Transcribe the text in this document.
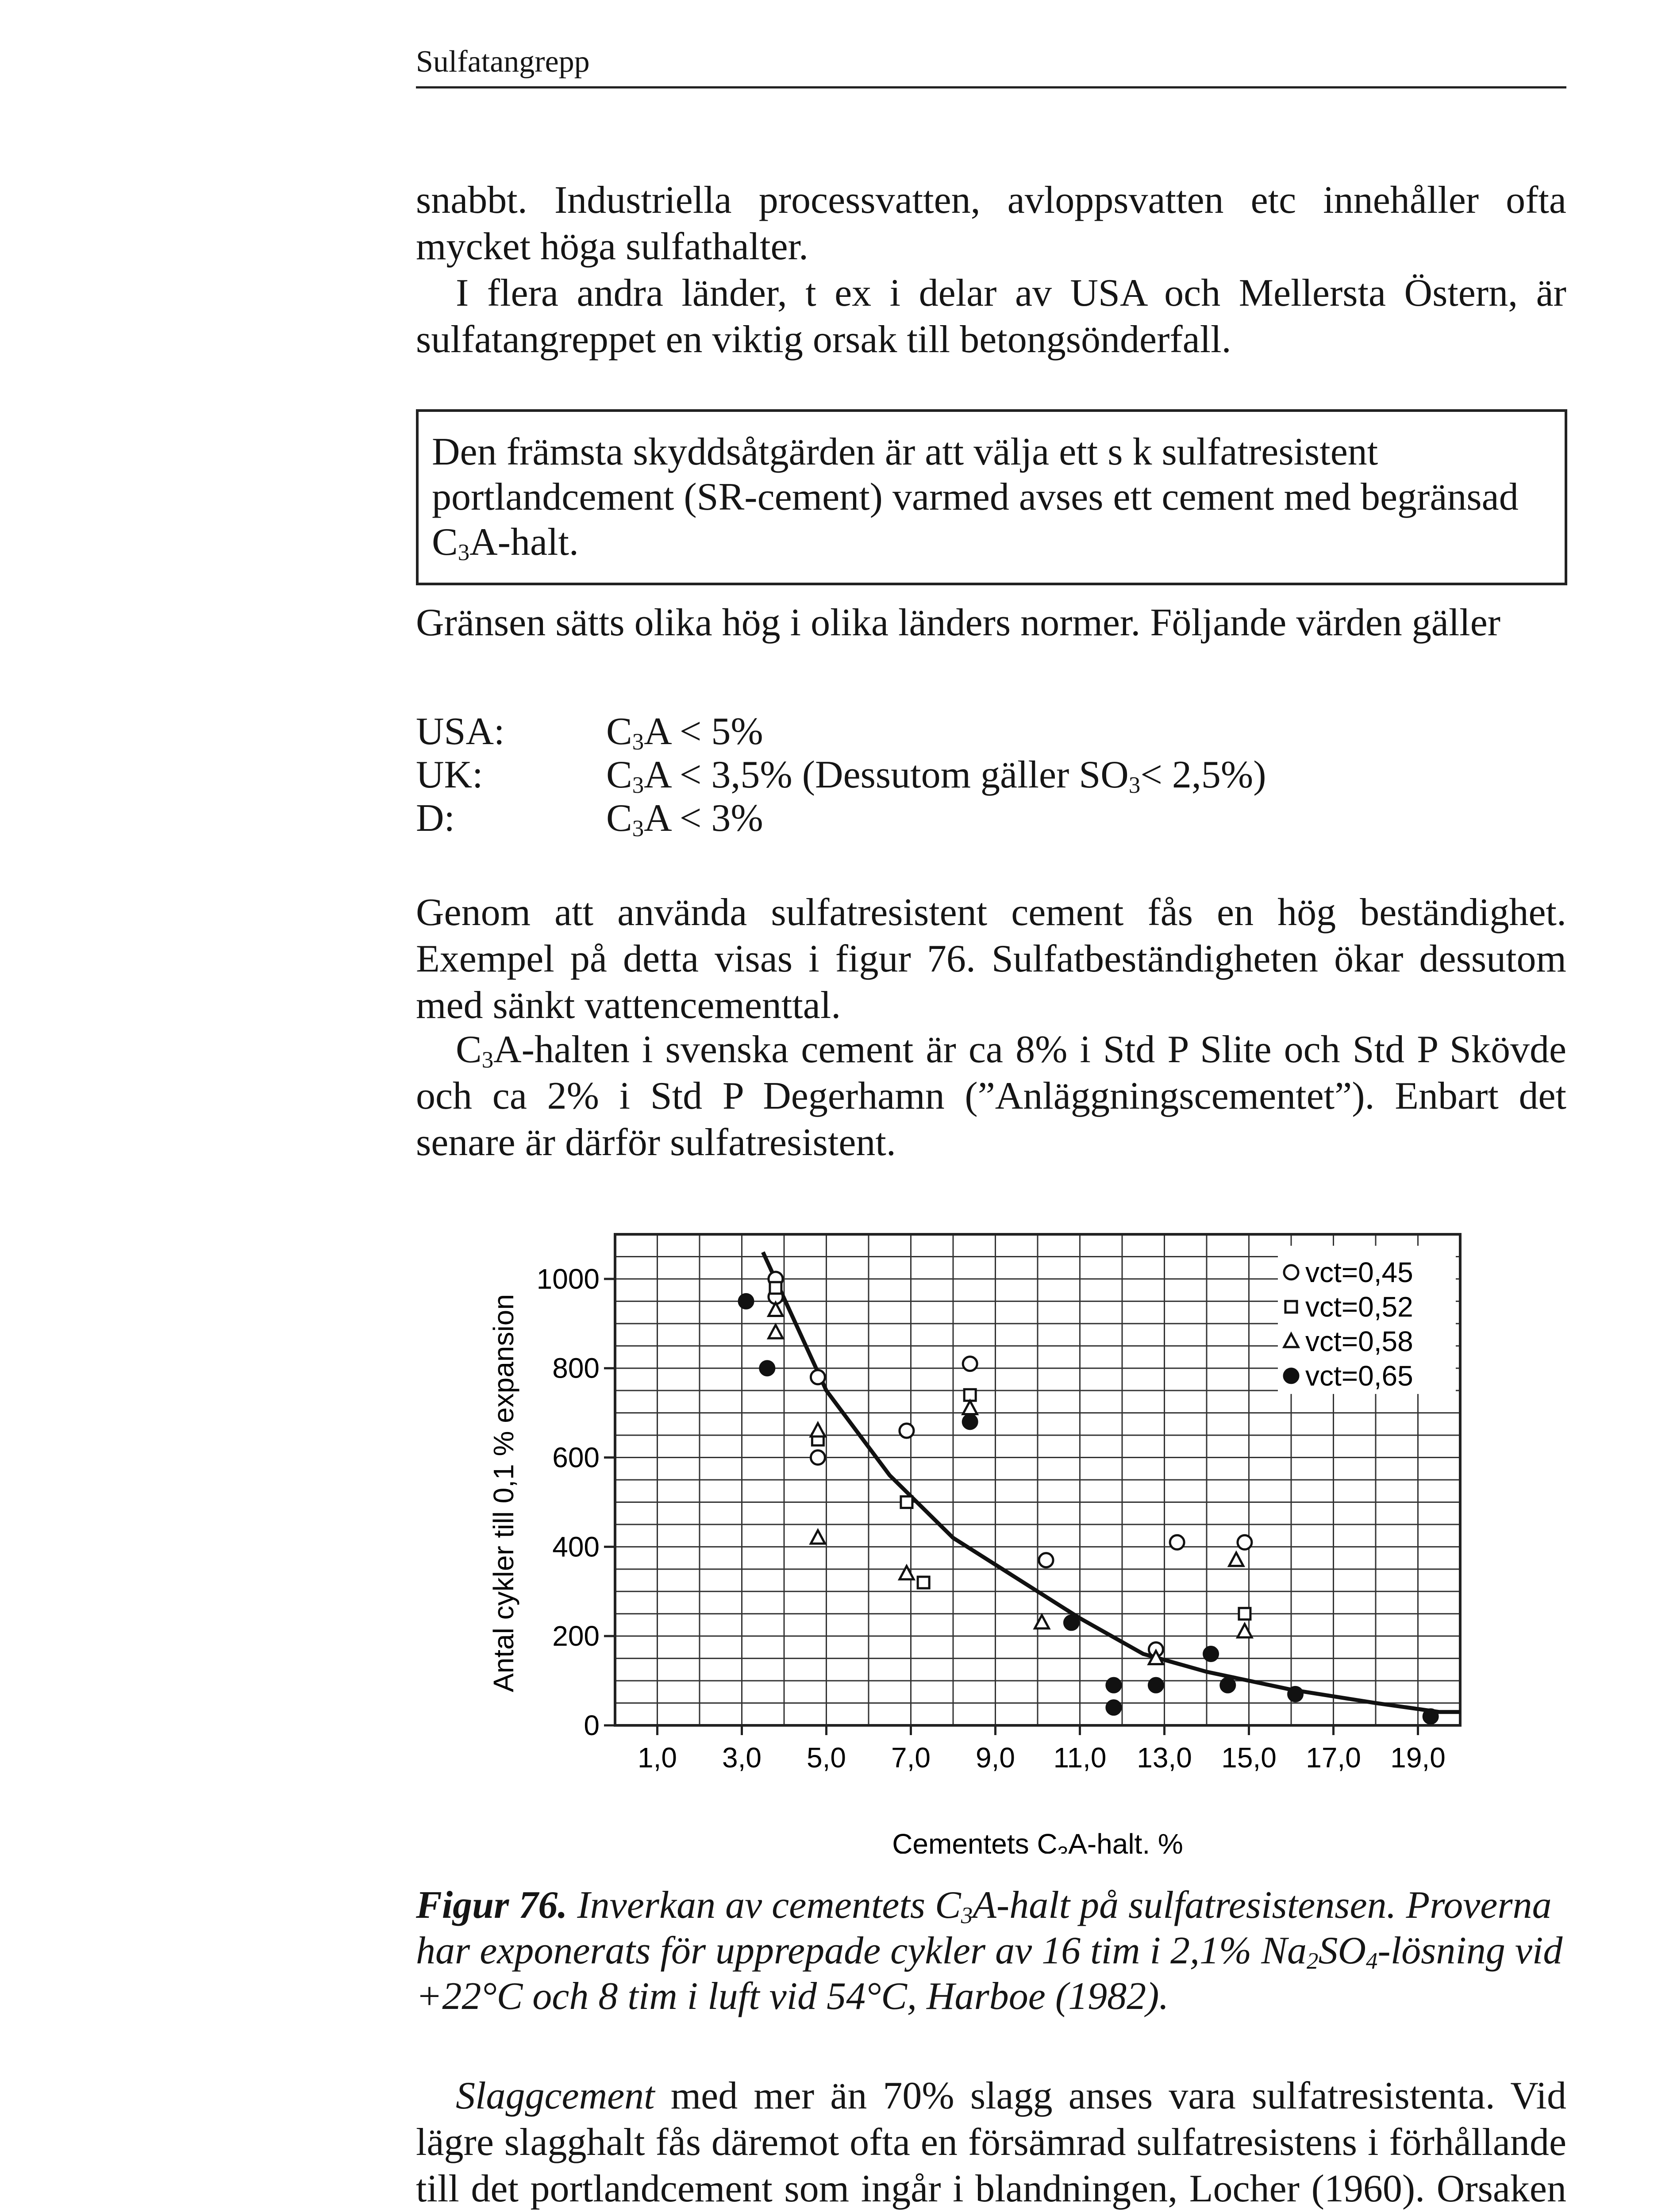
Sulfatangrepp
snabbt. Industriella processvatten, avloppsvatten etc innehåller ofta mycket höga sulfathalter.
I flera andra länder, t ex i delar av USA och Mellersta Östern, är sulfatangreppet en viktig orsak till betongsönderfall.
Den främsta skyddsåtgärden är att välja ett s k sulfatresistent portlandcement (SR-cement) varmed avses ett cement med begränsad $C_3A$-halt.
Gränsen sätts olika hög i olika länders normer. Följande värden gäller
USA:	$C_3A < 5\%$
UK:	$C_3A < 3,5\%$ (Dessutom gäller $SO_3< 2,5\%$)
D:	$C_3A < 3\%$
Genom att använda sulfatresistent cement fås en hög beständighet. Exempel på detta visas i figur 76. Sulfatbeständigheten ökar dessutom med sänkt vattencementtal.
$C_3A$-halten i svenska cement är ca 8% i Std P Slite och Std P Skövde och ca 2% i Std P Degerhamn (”Anläggningscementet”). Enbart det senare är därför sulfatresistent.
0
200
400
600
800
1000
1,0 3,0 5,0 7,0 9,0 11,0 13,0 15,0 17,0 19,0
Cementets $C_3A$-halt, %
Antal cykler till 0,1 % expansion
vct=0,45
vct=0,52
vct=0,58
vct=0,65
Figur 76. Inverkan av cementets $C_3A$-halt på sulfatresistensen. Proverna har exponerats för upprepade cykler av 16 tim i 2,1% $Na_2SO_4$-lösning vid +22°C och 8 tim i luft vid 54°C, Harboe (1982).
Slaggcement med mer än 70% slagg anses vara sulfatresistenta. Vid lägre slagghalt fås däremot ofta en försämrad sulfatresistens i förhållande till det portlandcement som ingår i blandningen, Locher (1960). Orsaken
